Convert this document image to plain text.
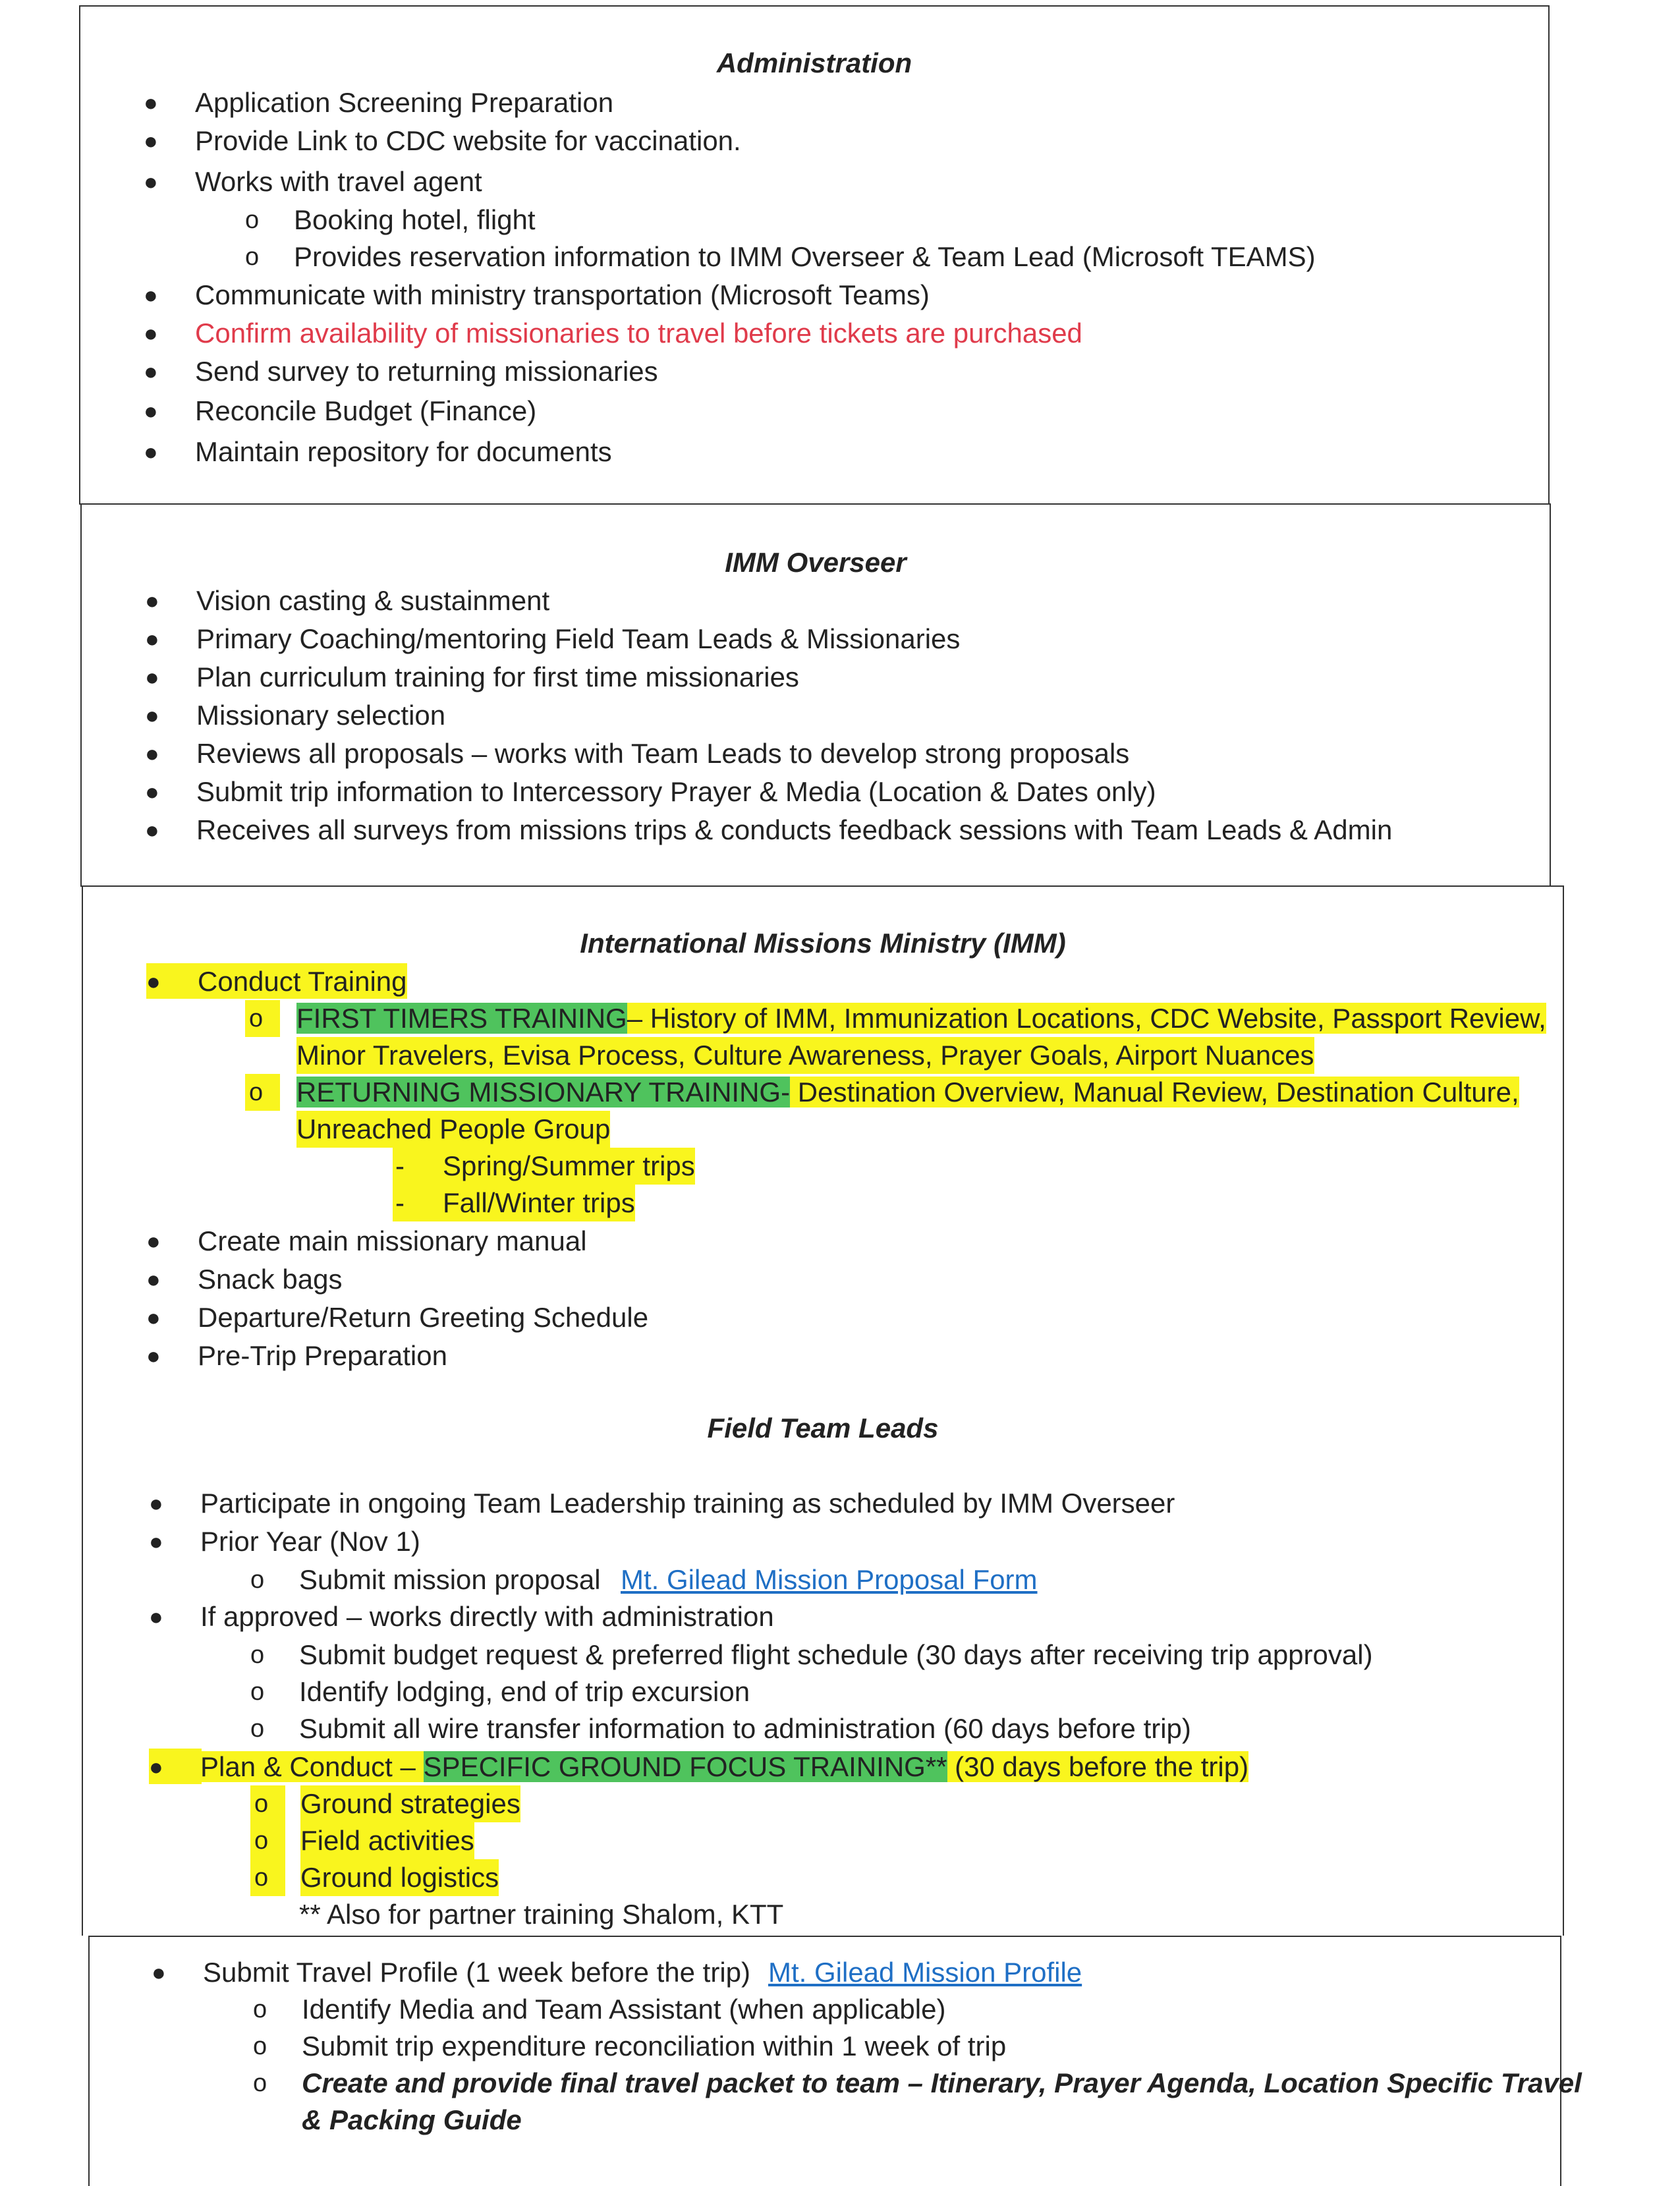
Administration
● Application Screening Preparation
● Provide Link to CDC website for vaccination.
● Works with travel agent
o Booking hotel, flight
o Provides reservation information to IMM Overseer & Team Lead (Microsoft TEAMS)
● Communicate with ministry transportation (Microsoft Teams)
● Confirm availability of missionaries to travel before tickets are purchased
● Send survey to returning missionaries
● Reconcile Budget (Finance)
● Maintain repository for documents
IMM Overseer
● Vision casting & sustainment
● Primary Coaching/mentoring Field Team Leads & Missionaries
● Plan curriculum training for first time missionaries
● Missionary selection
● Reviews all proposals – works with Team Leads to develop strong proposals
● Submit trip information to Intercessory Prayer & Media (Location & Dates only)
● Receives all surveys from missions trips & conducts feedback sessions with Team Leads & Admin
International Missions Ministry (IMM)
● Conduct Training
o	FIRST TIMERS TRAINING– History of IMM, Immunization Locations, CDC Website, Passport Review,
Minor Travelers, Evisa Process, Culture Awareness, Prayer Goals, Airport Nuances
o	RETURNING MISSIONARY TRAINING- Destination Overview, Manual Review, Destination Culture,
Unreached People Group
-	Spring/Summer trips
-	Fall/Winter trips
● Create main missionary manual
● Snack bags
● Departure/Return Greeting Schedule
● Pre-Trip Preparation
Field Team Leads
● Participate in ongoing Team Leadership training as scheduled by IMM Overseer
● Prior Year (Nov 1)
o Submit mission proposal Mt. Gilead Mission Proposal Form
● If approved – works directly with administration
o Submit budget request & preferred flight schedule (30 days after receiving trip approval)
o Identify lodging, end of trip excursion
o Submit all wire transfer information to administration (60 days before trip)
● Plan & Conduct – SPECIFIC GROUND FOCUS TRAINING** (30 days before the trip)
o	Ground strategies
o	Field activities
o	Ground logistics
** Also for partner training Shalom, KTT
● Submit Travel Profile (1 week before the trip) Mt. Gilead Mission Profile
o Identify Media and Team Assistant (when applicable)
o Submit trip expenditure reconciliation within 1 week of trip
o Create and provide final travel packet to team – Itinerary, Prayer Agenda, Location Specific Travel
& Packing Guide
